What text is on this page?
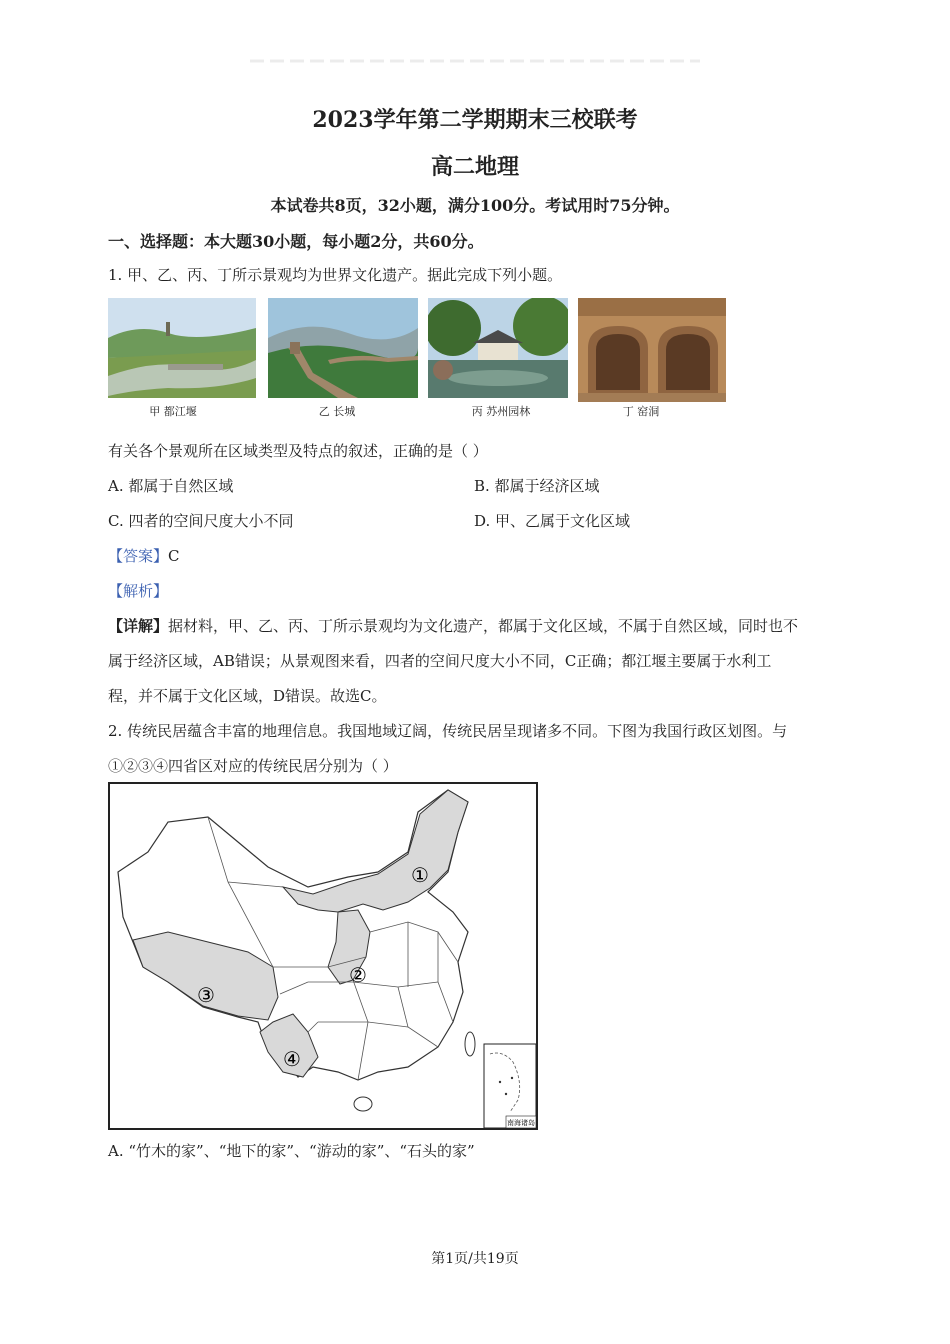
2023学年第二学期期末三校联考
高二地理
本试卷共8页，32小题，满分100分。考试用时75分钟。
一、选择题：本大题30小题，每小题2分，共60分。
1. 甲、乙、丙、丁所示景观均为世界文化遗产。据此完成下列小题。
甲 都江堰	乙 长城	丙 苏州园林	丁 窑洞
有关各个景观所在区域类型及特点的叙述，正确的是（ ）
A. 都属于自然区域	B. 都属于经济区域
C. 四者的空间尺度大小不同	D. 甲、乙属于文化区域
【答案】C
【解析】
【详解】据材料，甲、乙、丙、丁所示景观均为文化遗产，都属于文化区域，不属于自然区域，同时也不
属于经济区域，AB错误；从景观图来看，四者的空间尺度大小不同，C正确；都江堰主要属于水利工
程，并不属于文化区域，D错误。故选C。
2. 传统民居蕴含丰富的地理信息。我国地域辽阔，传统民居呈现诸多不同。下图为我国行政区划图。与
①②③④四省区对应的传统民居分别为（ ）
①
②
③
④
南海诸岛
A. “竹木的家”、“地下的家”、“游动的家”、“石头的家”
第1页/共19页
